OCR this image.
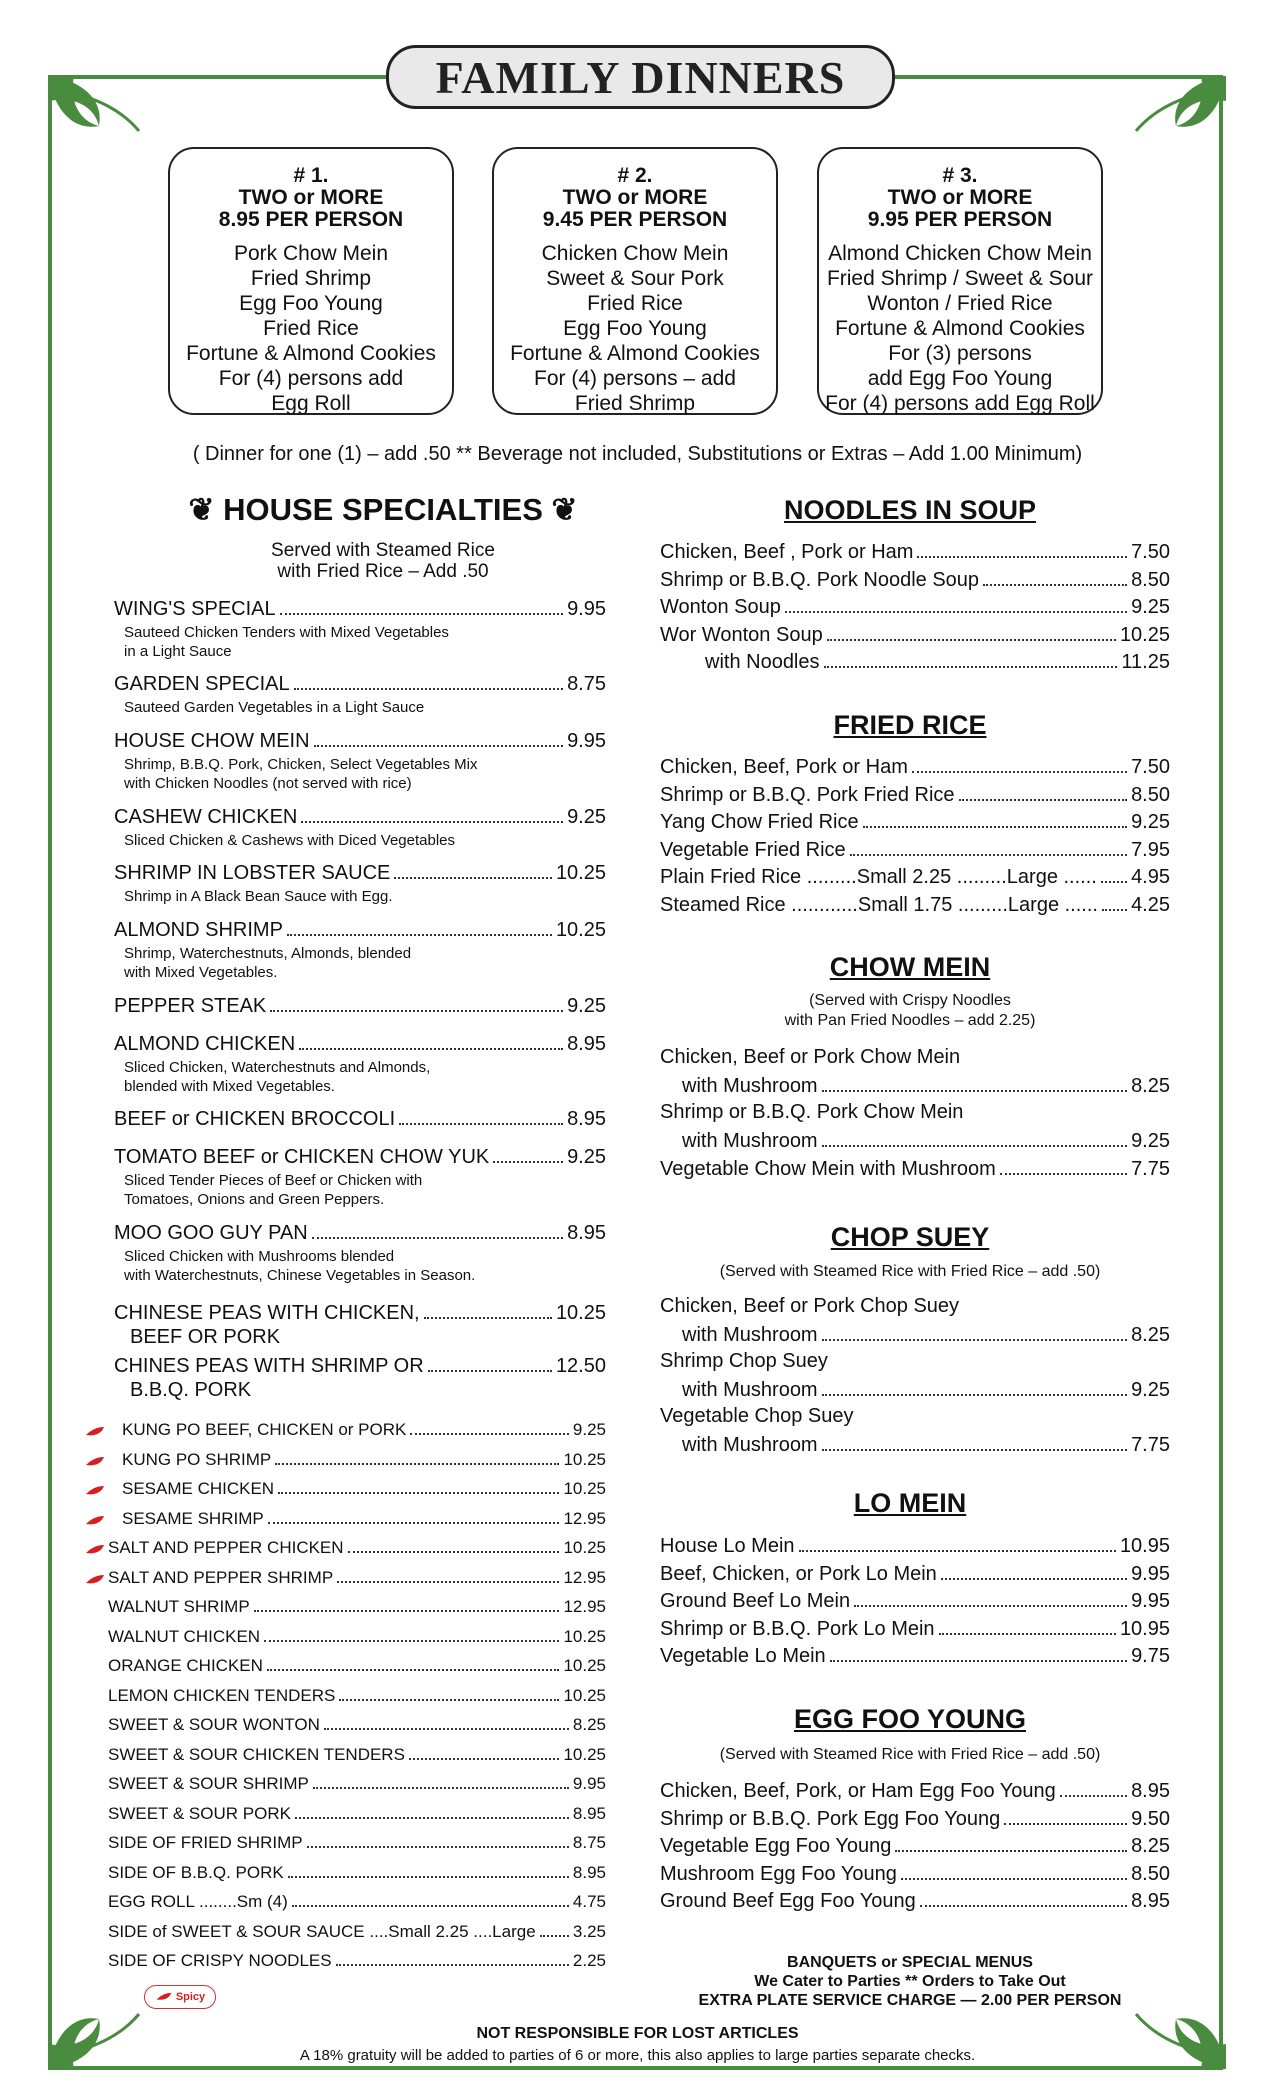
FAMILY DINNERS
# 1.
TWO or MORE
8.95 PER PERSON
Pork Chow Mein
Fried Shrimp
Egg Foo Young
Fried Rice
Fortune & Almond Cookies
For (4) persons add
Egg Roll
# 2.
TWO or MORE
9.45 PER PERSON
Chicken Chow Mein
Sweet & Sour Pork
Fried Rice
Egg Foo Young
Fortune & Almond Cookies
For (4) persons – add
Fried Shrimp
# 3.
TWO or MORE
9.95 PER PERSON
Almond Chicken Chow Mein
Fried Shrimp / Sweet & Sour
Wonton / Fried Rice
Fortune & Almond Cookies
For (3) persons
add Egg Foo Young
For (4) persons add Egg Roll
( Dinner for one (1) – add .50 ** Beverage not included, Substitutions or Extras – Add 1.00 Minimum)
❦ HOUSE SPECIALTIES ❦
Served with Steamed Rice
with Fried Rice – Add .50
WING'S SPECIAL	9.95
Sauteed Chicken Tenders with Mixed Vegetables
in a Light Sauce
GARDEN SPECIAL	8.75
Sauteed Garden Vegetables in a Light Sauce
HOUSE CHOW MEIN	9.95
Shrimp, B.B.Q. Pork, Chicken, Select Vegetables Mix
with Chicken Noodles (not served with rice)
CASHEW CHICKEN	9.25
Sliced Chicken & Cashews with Diced Vegetables
SHRIMP IN LOBSTER SAUCE	10.25
Shrimp in A Black Bean Sauce with Egg.
ALMOND SHRIMP	10.25
Shrimp, Waterchestnuts, Almonds, blended
with Mixed Vegetables.
PEPPER STEAK	9.25
ALMOND CHICKEN	8.95
Sliced Chicken, Waterchestnuts and Almonds,
blended with Mixed Vegetables.
BEEF or CHICKEN BROCCOLI	8.95
TOMATO BEEF or CHICKEN CHOW YUK	9.25
Sliced Tender Pieces of Beef or Chicken with
Tomatoes, Onions and Green Peppers.
MOO GOO GUY PAN	8.95
Sliced Chicken with Mushrooms blended
with Waterchestnuts, Chinese Vegetables in Season.
CHINESE PEAS WITH CHICKEN,	10.25
BEEF OR PORK
CHINES PEAS WITH SHRIMP OR	12.50
B.B.Q. PORK
KUNG PO BEEF, CHICKEN or PORK	9.25
KUNG PO SHRIMP	10.25
SESAME CHICKEN	10.25
SESAME SHRIMP	12.95
SALT AND PEPPER CHICKEN	10.25
SALT AND PEPPER SHRIMP	12.95
WALNUT SHRIMP	12.95
WALNUT CHICKEN	10.25
ORANGE CHICKEN	10.25
LEMON CHICKEN TENDERS	10.25
SWEET & SOUR WONTON	8.25
SWEET & SOUR CHICKEN TENDERS	10.25
SWEET & SOUR SHRIMP	9.95
SWEET & SOUR PORK	8.95
SIDE OF FRIED SHRIMP	8.75
SIDE OF B.B.Q. PORK	8.95
EGG ROLL ........Sm (4)	4.75
SIDE of SWEET & SOUR SAUCE ....Small 2.25 ....Large 3.25
SIDE OF CRISPY NOODLES	2.25
Spicy
NOODLES IN SOUP
Chicken, Beef , Pork or Ham	7.50
Shrimp or B.B.Q. Pork Noodle Soup	8.50
Wonton Soup	9.25
Wor Wonton Soup	10.25
with Noodles	11.25
FRIED RICE
Chicken, Beef, Pork or Ham	7.50
Shrimp or B.B.Q. Pork Fried Rice	8.50
Yang Chow Fried Rice	9.25
Vegetable Fried Rice	7.95
Plain Fried Rice .........Small 2.25 .........Large ...... 4.95
Steamed Rice ............Small 1.75 .........Large ...... 4.25
CHOW MEIN
(Served with Crispy Noodles
with Pan Fried Noodles – add 2.25)
Chicken, Beef or Pork Chow Mein
with Mushroom	8.25
Shrimp or B.B.Q. Pork Chow Mein
with Mushroom	9.25
Vegetable Chow Mein with Mushroom	7.75
CHOP SUEY
(Served with Steamed Rice with Fried Rice – add .50)
Chicken, Beef or Pork Chop Suey
with Mushroom	8.25
Shrimp Chop Suey
with Mushroom	9.25
Vegetable Chop Suey
with Mushroom	7.75
LO MEIN
House Lo Mein	10.95
Beef, Chicken, or Pork Lo Mein	9.95
Ground Beef Lo Mein	9.95
Shrimp or B.B.Q. Pork Lo Mein	10.95
Vegetable Lo Mein	9.75
EGG FOO YOUNG
(Served with Steamed Rice with Fried Rice – add .50)
Chicken, Beef, Pork, or Ham Egg Foo Young	8.95
Shrimp or B.B.Q. Pork Egg Foo Young	9.50
Vegetable Egg Foo Young	8.25
Mushroom Egg Foo Young	8.50
Ground Beef Egg Foo Young	8.95
BANQUETS or SPECIAL MENUS
We Cater to Parties ** Orders to Take Out
EXTRA PLATE SERVICE CHARGE — 2.00 PER PERSON
NOT RESPONSIBLE FOR LOST ARTICLES
A 18% gratuity will be added to parties of 6 or more, this also applies to large parties separate checks.
